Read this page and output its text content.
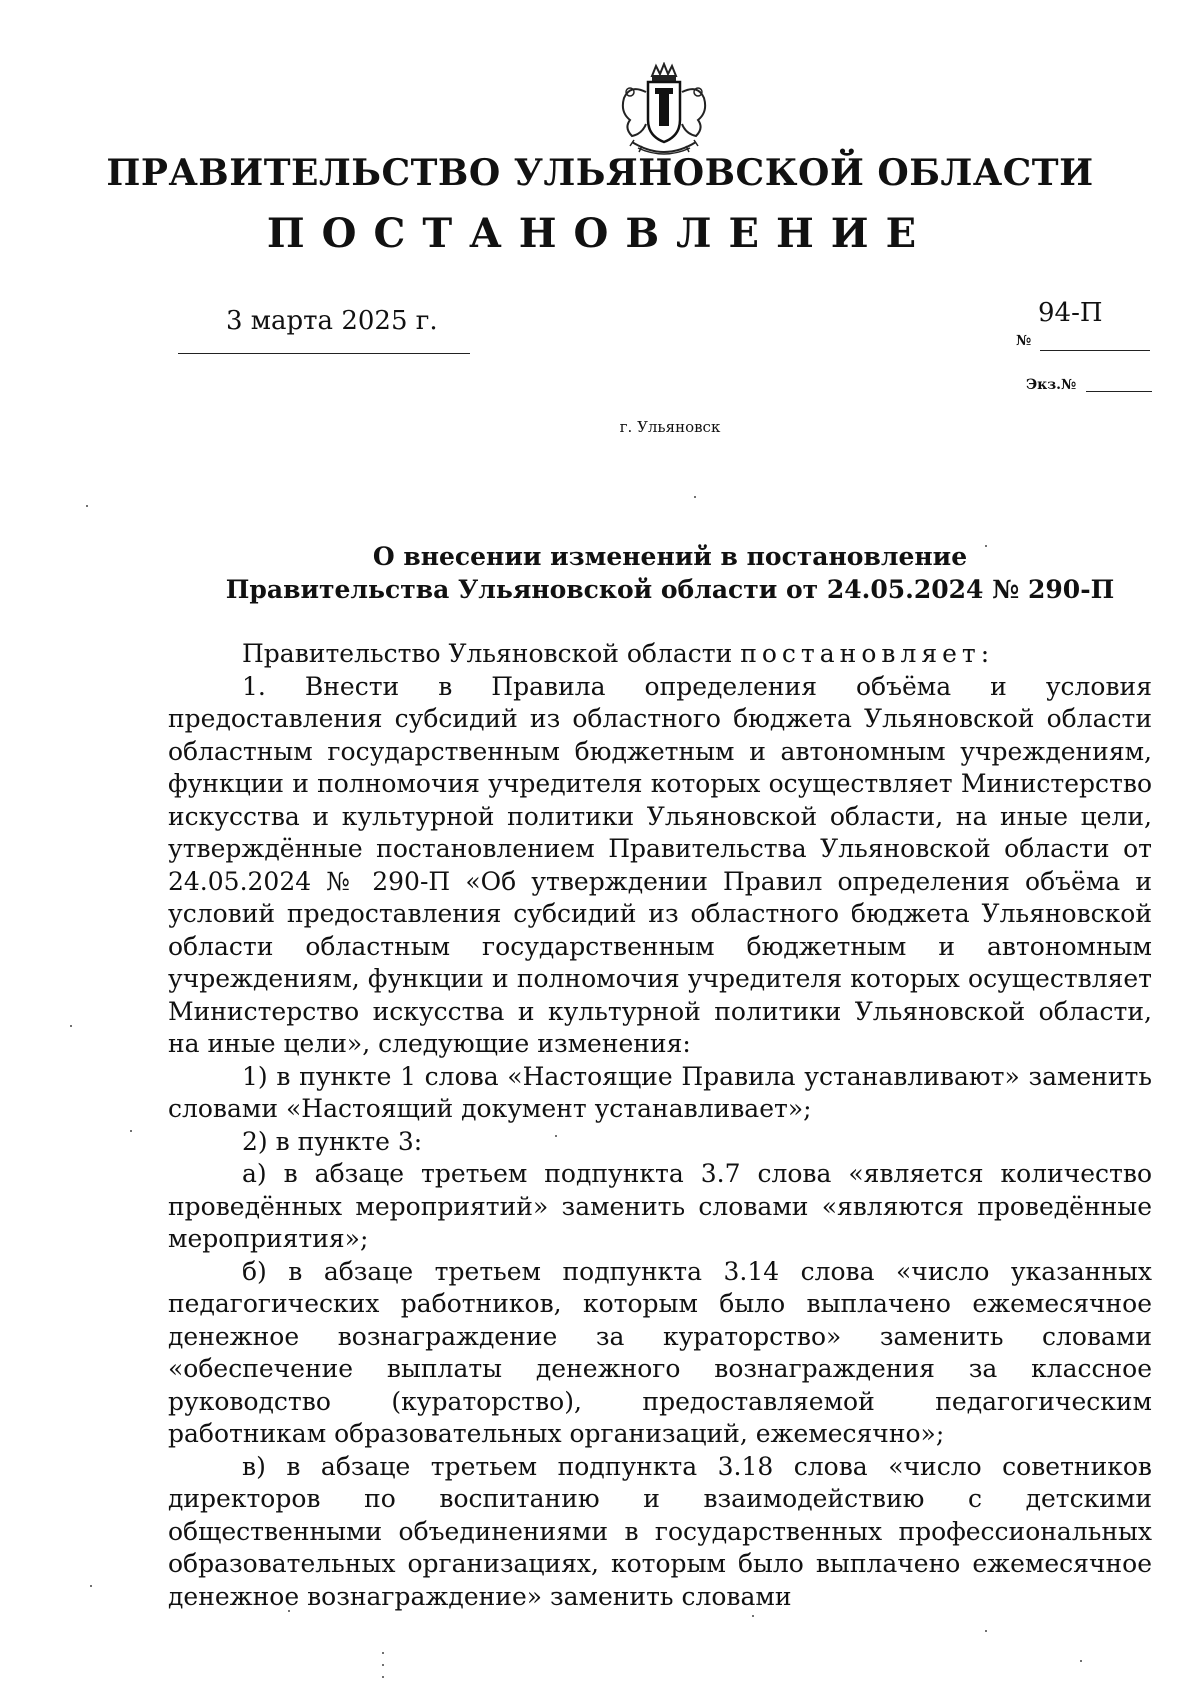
ПРАВИТЕЛЬСТВО УЛЬЯНОВСКОЙ ОБЛАСТИ
ПОСТАНОВЛЕНИЕ
3 марта 2025 г.	94-П
№
Экз.№
г. Ульяновск
О внесении изменений в постановление
Правительства Ульяновской области от 24.05.2024 № 290-П

Правительство Ульяновской области постановляет:

1. Внести в Правила определения объёма и условия предоставления субсидий из областного бюджета Ульяновской области областным государственным бюджетным и автономным учреждениям, функции и полномочия учредителя которых осуществляет Министерство искусства и культурной политики Ульяновской области, на иные цели, утверждённые постановлением Правительства Ульяновской области от 24.05.2024 № 290-П «Об утверждении Правил определения объёма и условий предоставления субсидий из областного бюджета Ульяновской области областным государственным бюджетным и автономным учреждениям, функции и полномочия учредителя которых осуществляет Министерство искусства и культурной политики Ульяновской области, на иные цели», следующие изменения:

1) в пункте 1 слова «Настоящие Правила устанавливают» заменить словами «Настоящий документ устанавливает»;

2) в пункте 3:

а) в абзаце третьем подпункта 3.7 слова «является количество проведённых мероприятий» заменить словами «являются проведённые мероприятия»;

б) в абзаце третьем подпункта 3.14 слова «число указанных педагогических работников, которым было выплачено ежемесячное денежное вознаграждение за кураторство» заменить словами «обеспечение выплаты денежного вознаграждения за классное руководство (кураторство), предоставляемой педагогическим работникам образовательных организаций, ежемесячно»;

в) в абзаце третьем подпункта 3.18 слова «число советников директоров по воспитанию и взаимодействию с детскими общественными объединениями в государственных профессиональных образовательных организациях, которым было выплачено ежемесячное денежное вознаграждение» заменить словами
